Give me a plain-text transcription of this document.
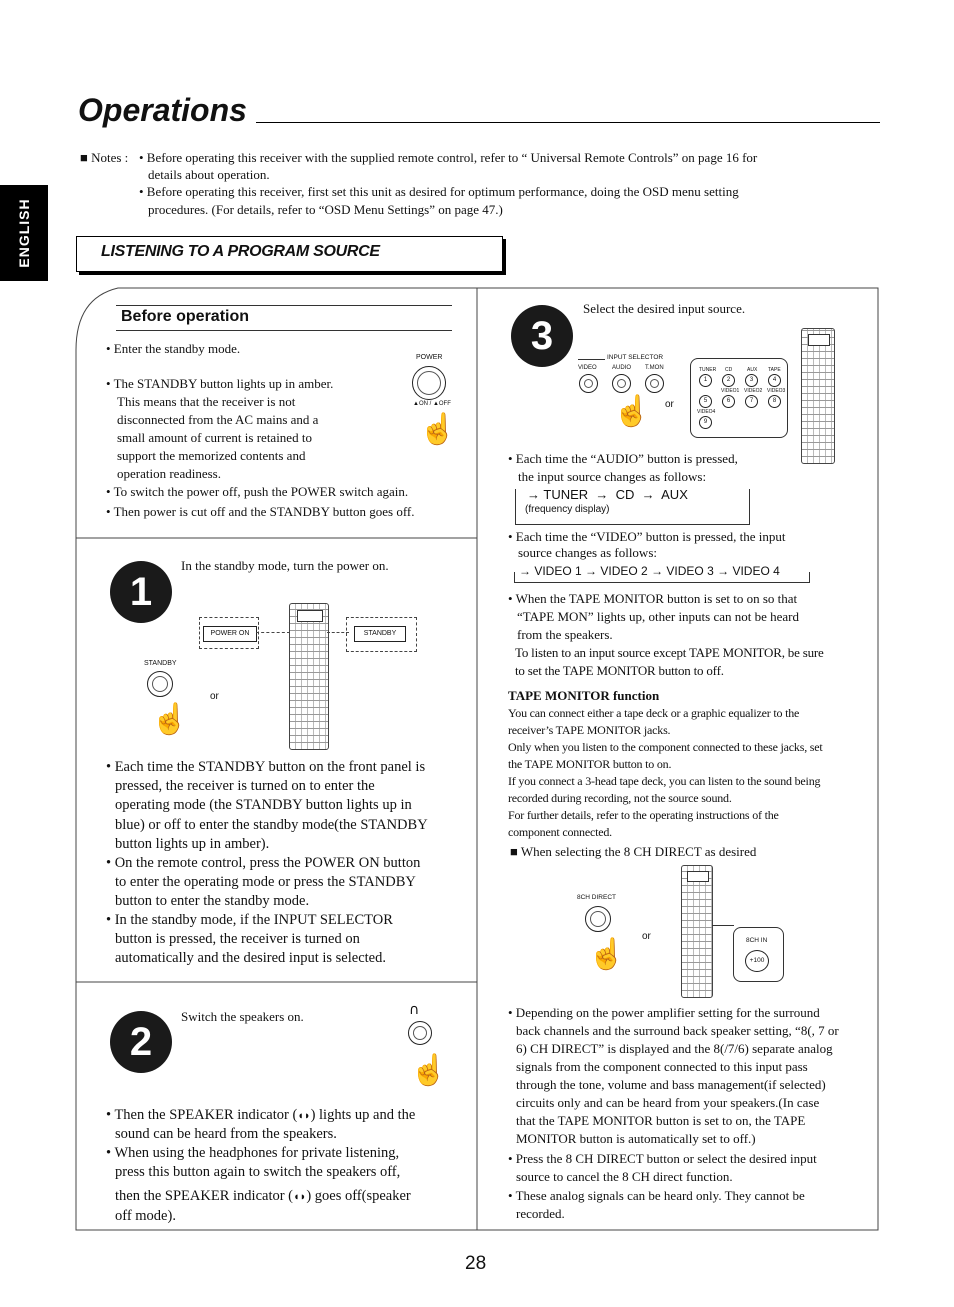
Operations
ENGLISH
■ Notes : • Before operating this receiver with the supplied remote control, refer to “ Universal Remote Controls” on page 16 for
details about operation.
• Before operating this receiver, first set this unit as desired for optimum performance, doing the OSD menu setting
procedures. (For details, refer to “OSD Menu Settings” on page 47.)
LISTENING TO A PROGRAM SOURCE
Before operation
• Enter the standby mode.
• The STANDBY button lights up in amber.
This means that the receiver is not
disconnected from the AC mains and a
small amount of current is retained to
support the memorized contents and
operation readiness.
• To switch the power off, push the POWER switch again.
• Then power is cut off and the STANDBY button goes off.
POWER
▲ON / ▲OFF
☝
1
In the standby mode, turn the power on.
POWER ON	STANDBY
STANDBY
or
☝
• Each time the STANDBY button on the front panel is
pressed, the receiver is turned on to enter the
operating mode (the STANDBY button lights up in
blue) or off to enter the standby mode(the STANDBY
button lights up in amber).
• On the remote control, press the POWER ON button
to enter the operating mode or press the STANDBY
button to enter the standby mode.
• In the standby mode, if the INPUT SELECTOR
button is pressed, the receiver is turned on
automatically and the desired input is selected.
2
Switch the speakers on.	∩
☝
• Then the SPEAKER indicator (◖◗) lights up and the
sound can be heard from the speakers.
• When using the headphones for private listening,
press this button again to switch the speakers off,
then the SPEAKER indicator (◖◗) goes off(speaker
off mode).
3
Select the desired input source.
INPUT SELECTOR
VIDEO	AUDIO T.MON
☝ or
TUNER CD	AUX TAPE
1	2	3	4
VIDEO1 VIDEO2 VIDEO3
5	6	7	8
VIDEO4
9
• Each time the “AUDIO” button is pressed,
the input source changes as follows:
→ TUNER  →  CD  →  AUX
(frequency display)
• Each time the “VIDEO” button is pressed, the input
source changes as follows:
→ VIDEO 1 → VIDEO 2 → VIDEO 3 → VIDEO 4
• When the TAPE MONITOR button is set to on so that
“TAPE MON” lights up, other inputs can not be heard
from the speakers.
To listen to an input source except TAPE MONITOR, be sure
to set the TAPE MONITOR button to off.
TAPE MONITOR function
You can connect either a tape deck or a graphic equalizer to the
receiver’s TAPE MONITOR jacks.
Only when you listen to the component connected to these jacks, set
the TAPE MONITOR button to on.
If you connect a 3-head tape deck, you can listen to the sound being
recorded during recording, not the source sound.
For further details, refer to the operating instructions of the
component connected.
■ When selecting the 8 CH DIRECT as desired
8CH DIRECT
☝
or	8CH IN
+100
• Depending on the power amplifier setting for the surround
back channels and the surround back speaker setting, “8(, 7 or
6) CH DIRECT” is displayed and the 8(/7/6) separate analog
signals from the component connected to this input pass
through the tone, volume and bass management(if selected)
circuits only and can be heard from your speakers.(In case
that the TAPE MONITOR button is set to on, the TAPE
MONITOR button is automatically set to off.)
• Press the 8 CH DIRECT button or select the desired input
source to cancel the 8 CH direct function.
• These analog signals can be heard only. They cannot be
recorded.
28
